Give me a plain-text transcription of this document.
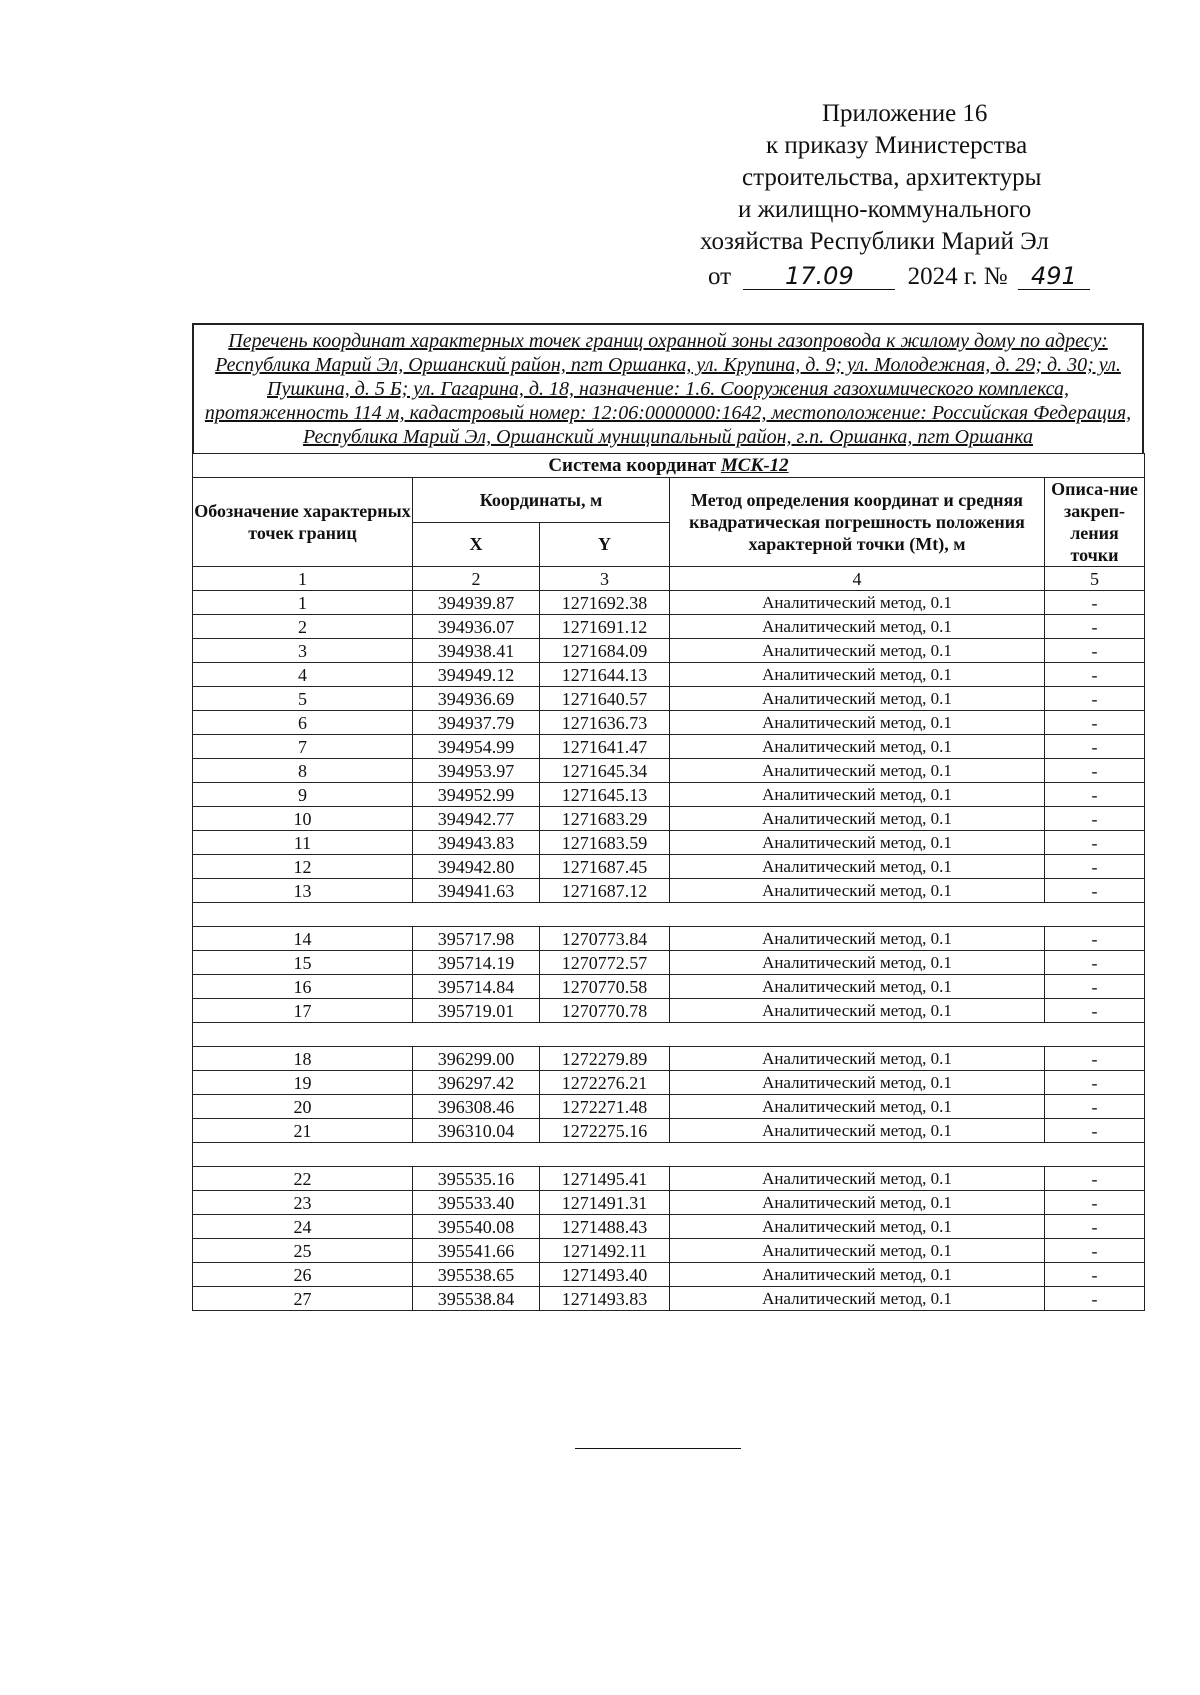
Приложение 16
к приказу Министерства
строительства, архитектуры
и жилищно-коммунального
хозяйства Республики Марий Эл
от 17.09 2024 г. № 491
Перечень координат характерных точек границ охранной зоны газопровода к жилому дому по адресу: Республика Марий Эл, Оршанский район, пгт Оршанка, ул. Крупина, д. 9; ул. Молодежная, д. 29; д. 30; ул. Пушкина, д. 5 Б; ул. Гагарина, д. 18, назначение: 1.6. Сооружения газохимического комплекса, протяженность 114 м, кадастровый номер: 12:06:0000000:1642, местоположение: Российская Федерация, Республика Марий Эл, Оршанский муниципальный район, г.п. Оршанка, пгт Оршанка
Система координат МСК-12				
Обозначение характерных точек границ	Координаты, м		Метод определения координат и средняя квадратическая погрешность положения характерной точки (Mt), м	Описа-ние закреп-ления точки
	X	Y		
1	2	3	4	5
1	394939.87	1271692.38	Аналитический метод, 0.1	-
2	394936.07	1271691.12	Аналитический метод, 0.1	-
3	394938.41	1271684.09	Аналитический метод, 0.1	-
4	394949.12	1271644.13	Аналитический метод, 0.1	-
5	394936.69	1271640.57	Аналитический метод, 0.1	-
6	394937.79	1271636.73	Аналитический метод, 0.1	-
7	394954.99	1271641.47	Аналитический метод, 0.1	-
8	394953.97	1271645.34	Аналитический метод, 0.1	-
9	394952.99	1271645.13	Аналитический метод, 0.1	-
10	394942.77	1271683.29	Аналитический метод, 0.1	-
11	394943.83	1271683.59	Аналитический метод, 0.1	-
12	394942.80	1271687.45	Аналитический метод, 0.1	-
13	394941.63	1271687.12	Аналитический метод, 0.1	-

14	395717.98	1270773.84	Аналитический метод, 0.1	-
15	395714.19	1270772.57	Аналитический метод, 0.1	-
16	395714.84	1270770.58	Аналитический метод, 0.1	-
17	395719.01	1270770.78	Аналитический метод, 0.1	-

18	396299.00	1272279.89	Аналитический метод, 0.1	-
19	396297.42	1272276.21	Аналитический метод, 0.1	-
20	396308.46	1272271.48	Аналитический метод, 0.1	-
21	396310.04	1272275.16	Аналитический метод, 0.1	-

22	395535.16	1271495.41	Аналитический метод, 0.1	-
23	395533.40	1271491.31	Аналитический метод, 0.1	-
24	395540.08	1271488.43	Аналитический метод, 0.1	-
25	395541.66	1271492.11	Аналитический метод, 0.1	-
26	395538.65	1271493.40	Аналитический метод, 0.1	-
27	395538.84	1271493.83	Аналитический метод, 0.1	-
